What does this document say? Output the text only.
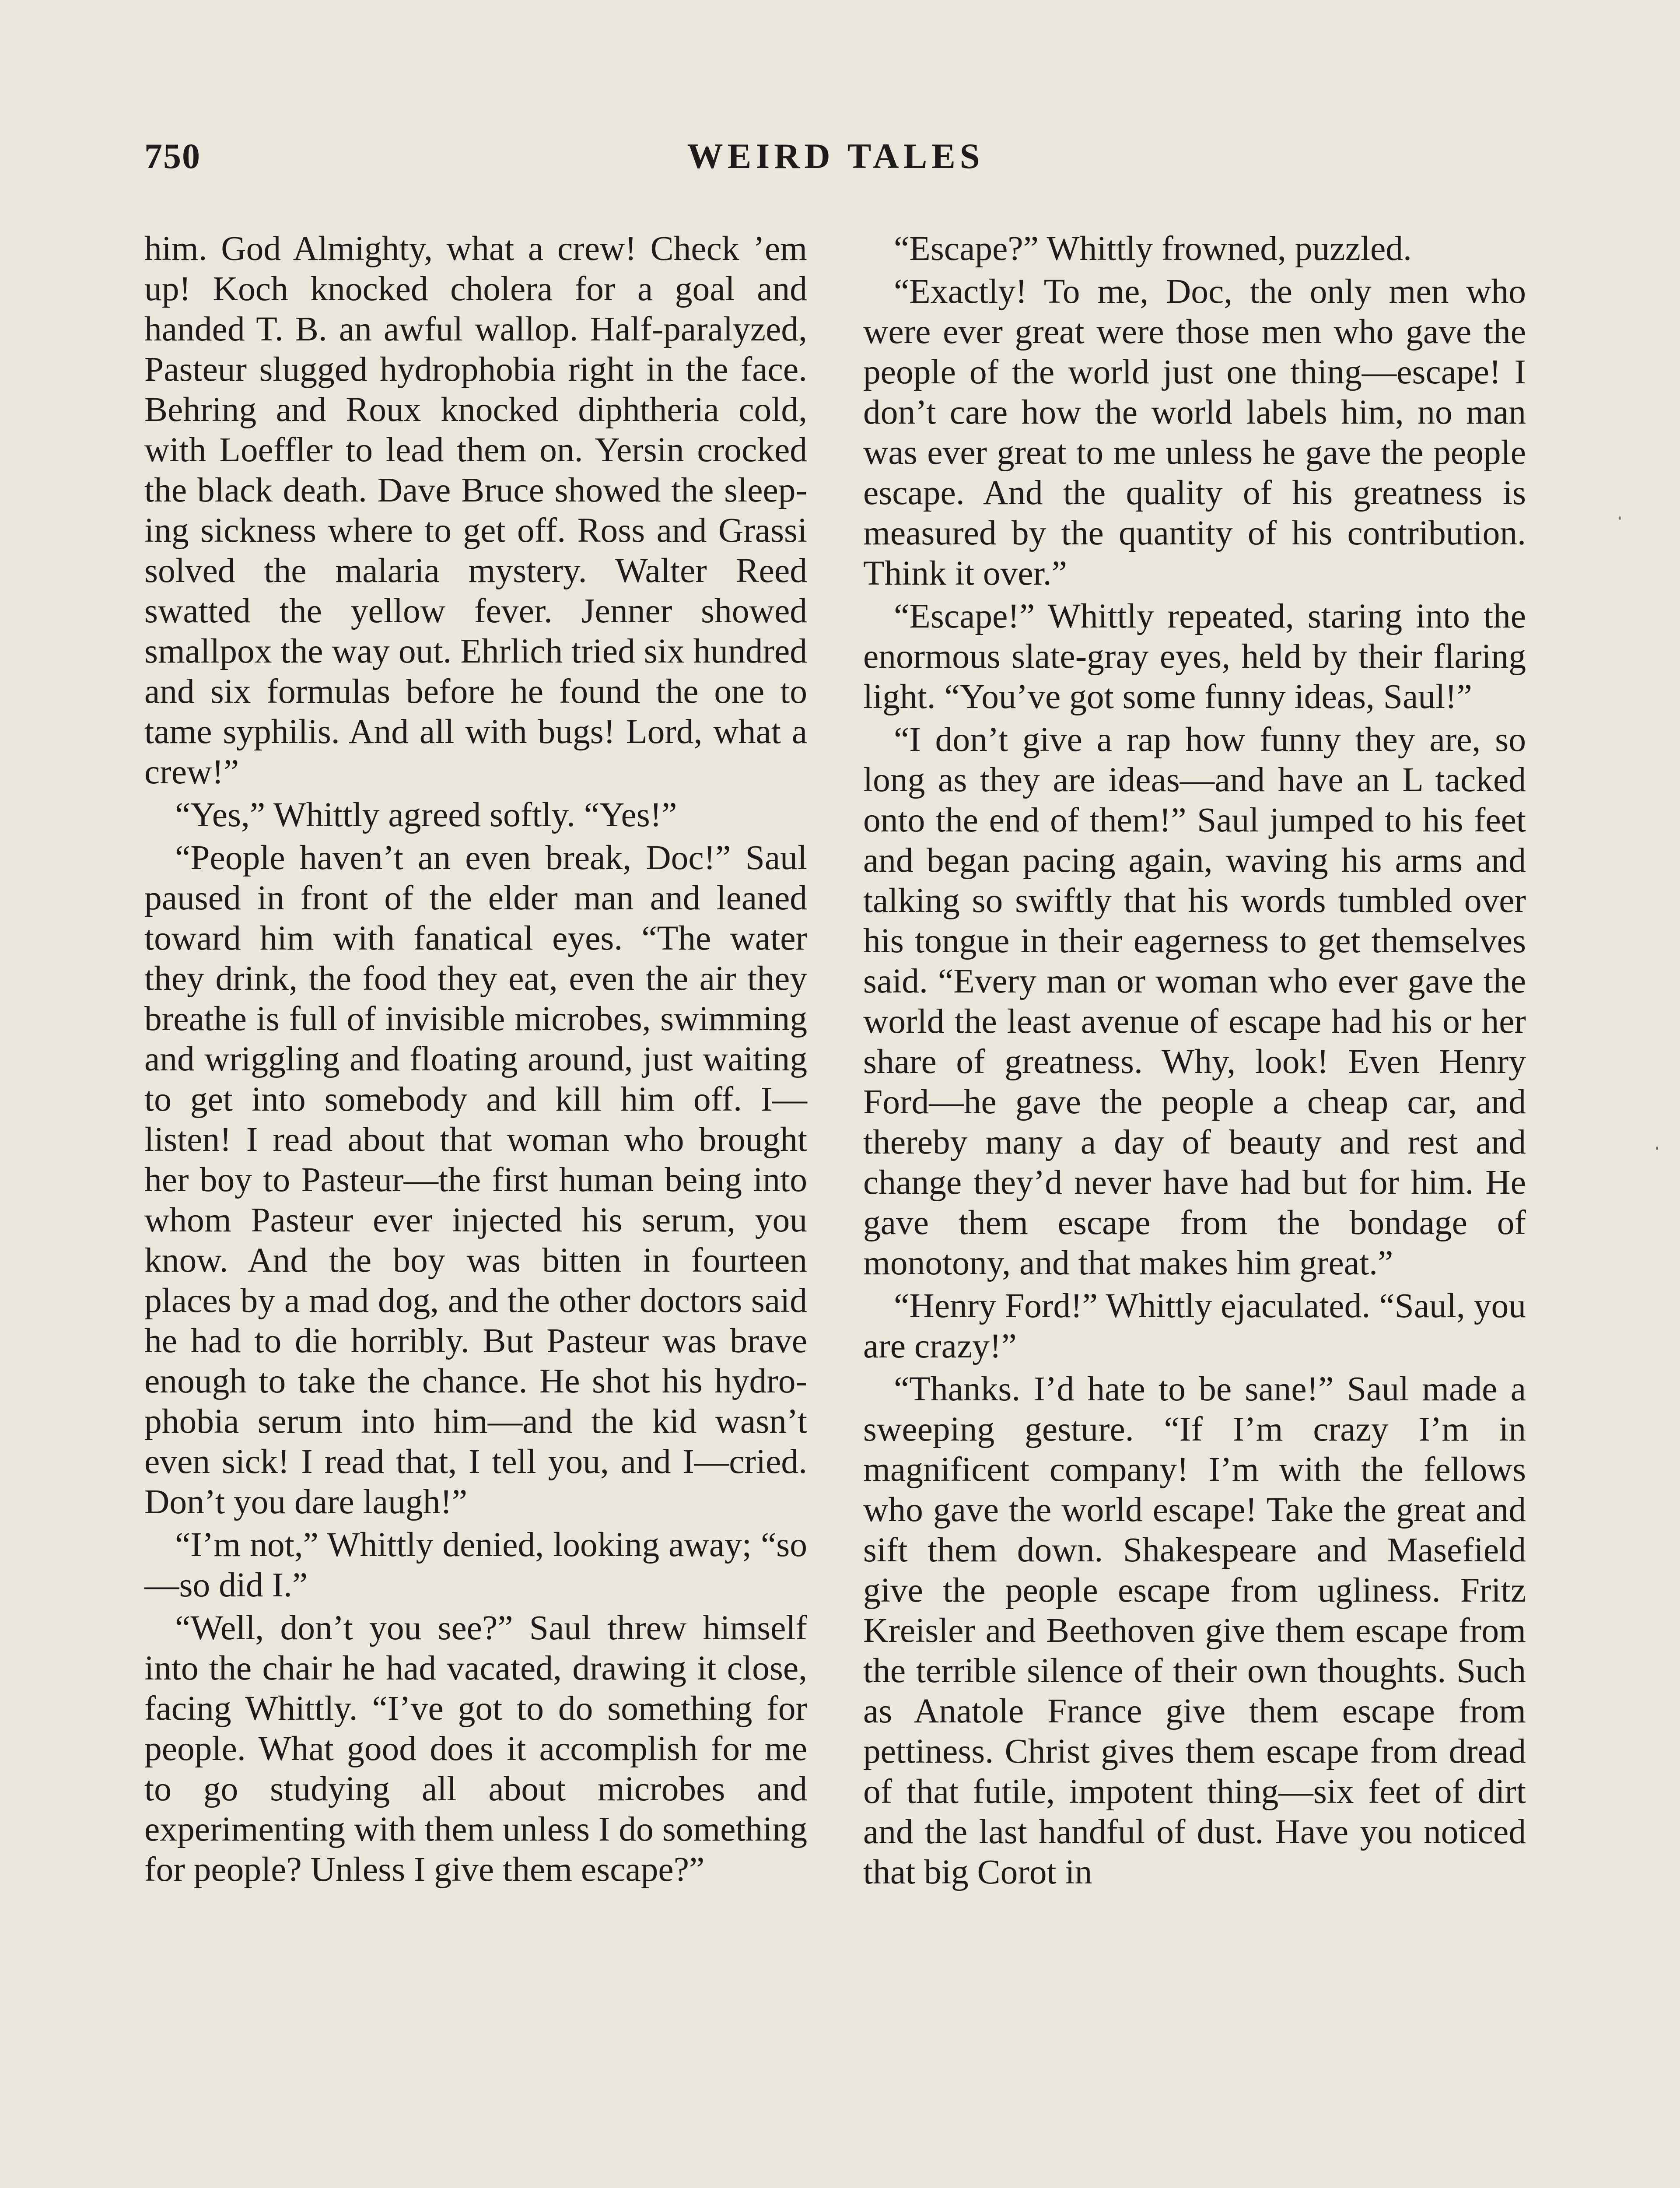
750	WEIRD TALES

him. God Almighty, what a crew! Check ’em up! Koch knocked cholera for a goal and handed T. B. an awful wallop. Half-paralyzed, Pasteur slugged hydrophobia right in the face. Behring and Roux knocked diphtheria cold, with Loeffler to lead them on. Yersin crocked the black death. Dave Bruce showed the sleeping sickness where to get off. Ross and Grassi solved the malaria mystery. Walter Reed swatted the yellow fever. Jenner showed smallpox the way out. Ehrlich tried six hundred and six formulas before he found the one to tame syphilis. And all with bugs! Lord, what a crew!”

“Yes,” Whittly agreed softly. “Yes!”

“People haven’t an even break, Doc!” Saul paused in front of the elder man and leaned toward him with fanatical eyes. “The water they drink, the food they eat, even the air they breathe is full of invisible microbes, swimming and wriggling and floating around, just waiting to get into somebody and kill him off. I—listen! I read about that woman who brought her boy to Pasteur—the first human being into whom Pasteur ever injected his serum, you know. And the boy was bitten in fourteen places by a mad dog, and the other doctors said he had to die horribly. But Pasteur was brave enough to take the chance. He shot his hydrophobia serum into him—and the kid wasn’t even sick! I read that, I tell you, and I—cried. Don’t you dare laugh!”

“I’m not,” Whittly denied, looking away; “so—so did I.”

“Well, don’t you see?” Saul threw himself into the chair he had vacated, drawing it close, facing Whittly. “I’ve got to do something for people. What good does it accomplish for me to go studying all about microbes and experimenting with them unless I do something for people? Unless I give them escape?”

“Escape?” Whittly frowned, puzzled.

“Exactly! To me, Doc, the only men who were ever great were those men who gave the people of the world just one thing—escape! I don’t care how the world labels him, no man was ever great to me unless he gave the people escape. And the quality of his greatness is measured by the quantity of his contribution. Think it over.”

“Escape!” Whittly repeated, staring into the enormous slate-gray eyes, held by their flaring light. “You’ve got some funny ideas, Saul!”

“I don’t give a rap how funny they are, so long as they are ideas—and have an L tacked onto the end of them!” Saul jumped to his feet and began pacing again, waving his arms and talking so swiftly that his words tumbled over his tongue in their eagerness to get themselves said. “Every man or woman who ever gave the world the least avenue of escape had his or her share of greatness. Why, look! Even Henry Ford—he gave the people a cheap car, and thereby many a day of beauty and rest and change they’d never have had but for him. He gave them escape from the bondage of monotony, and that makes him great.”

“Henry Ford!” Whittly ejaculated. “Saul, you are crazy!”

“Thanks. I’d hate to be sane!” Saul made a sweeping gesture. “If I’m crazy I’m in magnificent company! I’m with the fellows who gave the world escape! Take the great and sift them down. Shakespeare and Masefield give the people escape from ugliness. Fritz Kreisler and Beethoven give them escape from the terrible silence of their own thoughts. Such as Anatole France give them escape from pettiness. Christ gives them escape from dread of that futile, impotent thing—six feet of dirt and the last handful of dust. Have you noticed that big Corot in
